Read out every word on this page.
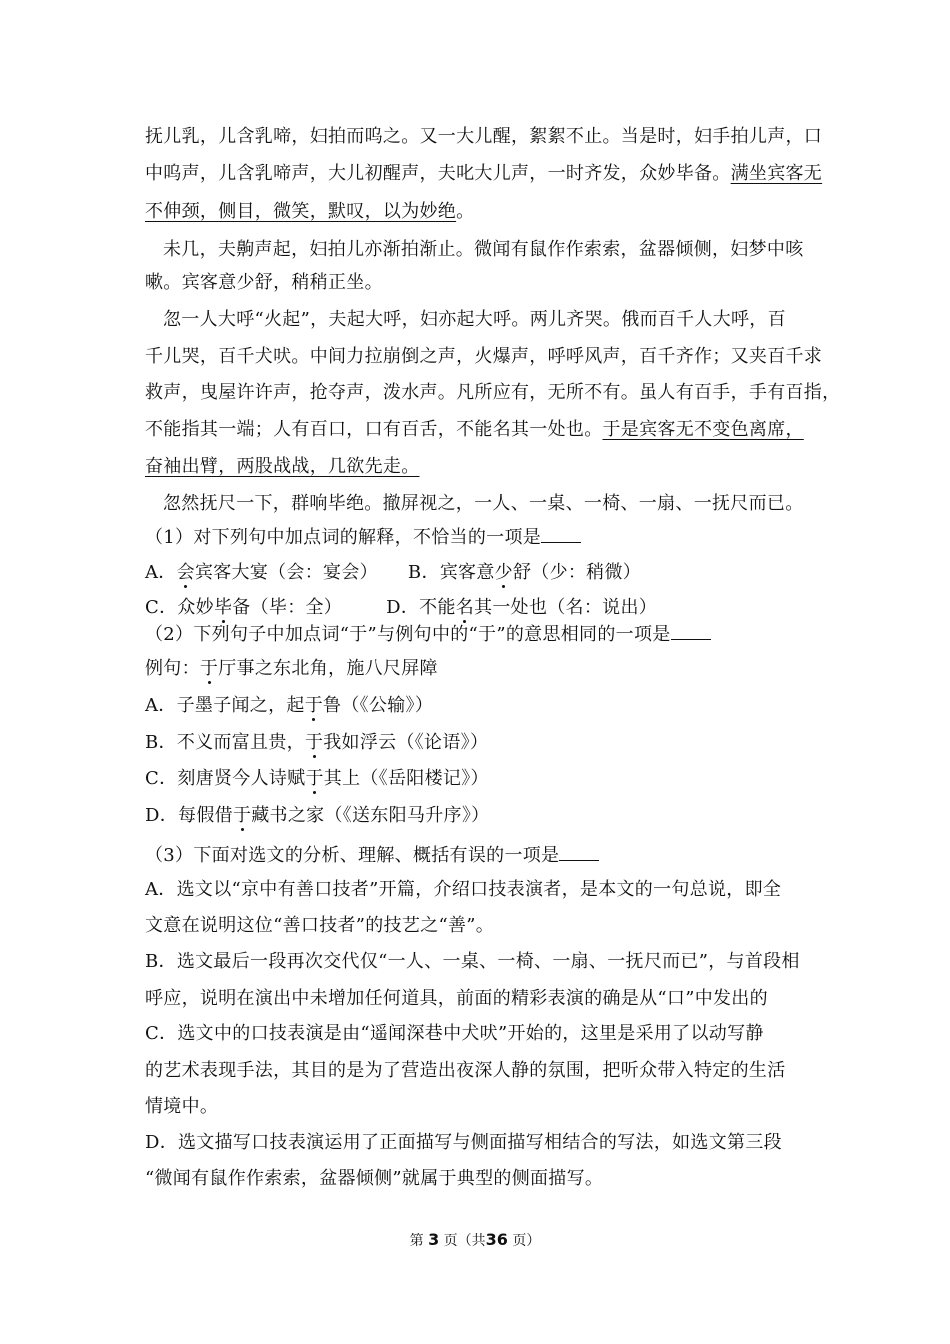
抚儿乳，儿含乳啼，妇拍而呜之。又一大儿醒，絮絮不止。当是时，妇手拍儿声，口
中呜声，儿含乳啼声，大儿初醒声，夫叱大儿声，一时齐发，众妙毕备。满坐宾客无
不伸颈，侧目，微笑，默叹，以为妙绝。
未几，夫齁声起，妇拍儿亦渐拍渐止。微闻有鼠作作索索，盆器倾侧，妇梦中咳
嗽。宾客意少舒，稍稍正坐。
忽一人大呼“火起”，夫起大呼，妇亦起大呼。两儿齐哭。俄而百千人大呼，百
千儿哭，百千犬吠。中间力拉崩倒之声，火爆声，呼呼风声，百千齐作；又夹百千求
救声，曳屋许许声，抢夺声，泼水声。凡所应有，无所不有。虽人有百手，手有百指，
不能指其一端；人有百口，口有百舌，不能名其一处也。于是宾客无不变色离席，
奋袖出臂，两股战战，几欲先走。
忽然抚尺一下，群响毕绝。撤屏视之，一人、一桌、一椅、一扇、一抚尺而已。
（1）对下列句中加点词的解释，不恰当的一项是
A．会宾客大宴（会：宴会） B．宾客意少舒（少：稍微）
C．众妙毕备（毕：全） D．不能名其一处也（名：说出）
（2）下列句子中加点词“于”与例句中的“于”的意思相同的一项是
例句：于厅事之东北角，施八尺屏障
A．子墨子闻之，起于鲁（《公输》）
B．不义而富且贵，于我如浮云（《论语》）
C．刻唐贤今人诗赋于其上（《岳阳楼记》）
D．每假借于藏书之家（《送东阳马升序》）
（3）下面对选文的分析、理解、概括有误的一项是
A．选文以“京中有善口技者”开篇，介绍口技表演者，是本文的一句总说，即全
文意在说明这位“善口技者”的技艺之“善”。
B．选文最后一段再次交代仅“一人、一桌、一椅、一扇、一抚尺而已”，与首段相
呼应，说明在演出中未增加任何道具，前面的精彩表演的确是从“口”中发出的
C．选文中的口技表演是由“遥闻深巷中犬吠”开始的，这里是采用了以动写静
的艺术表现手法，其目的是为了营造出夜深人静的氛围，把听众带入特定的生活
情境中。
D．选文描写口技表演运用了正面描写与侧面描写相结合的写法，如选文第三段
“微闻有鼠作作索索，盆器倾侧”就属于典型的侧面描写。
第 3 页（共36 页）
